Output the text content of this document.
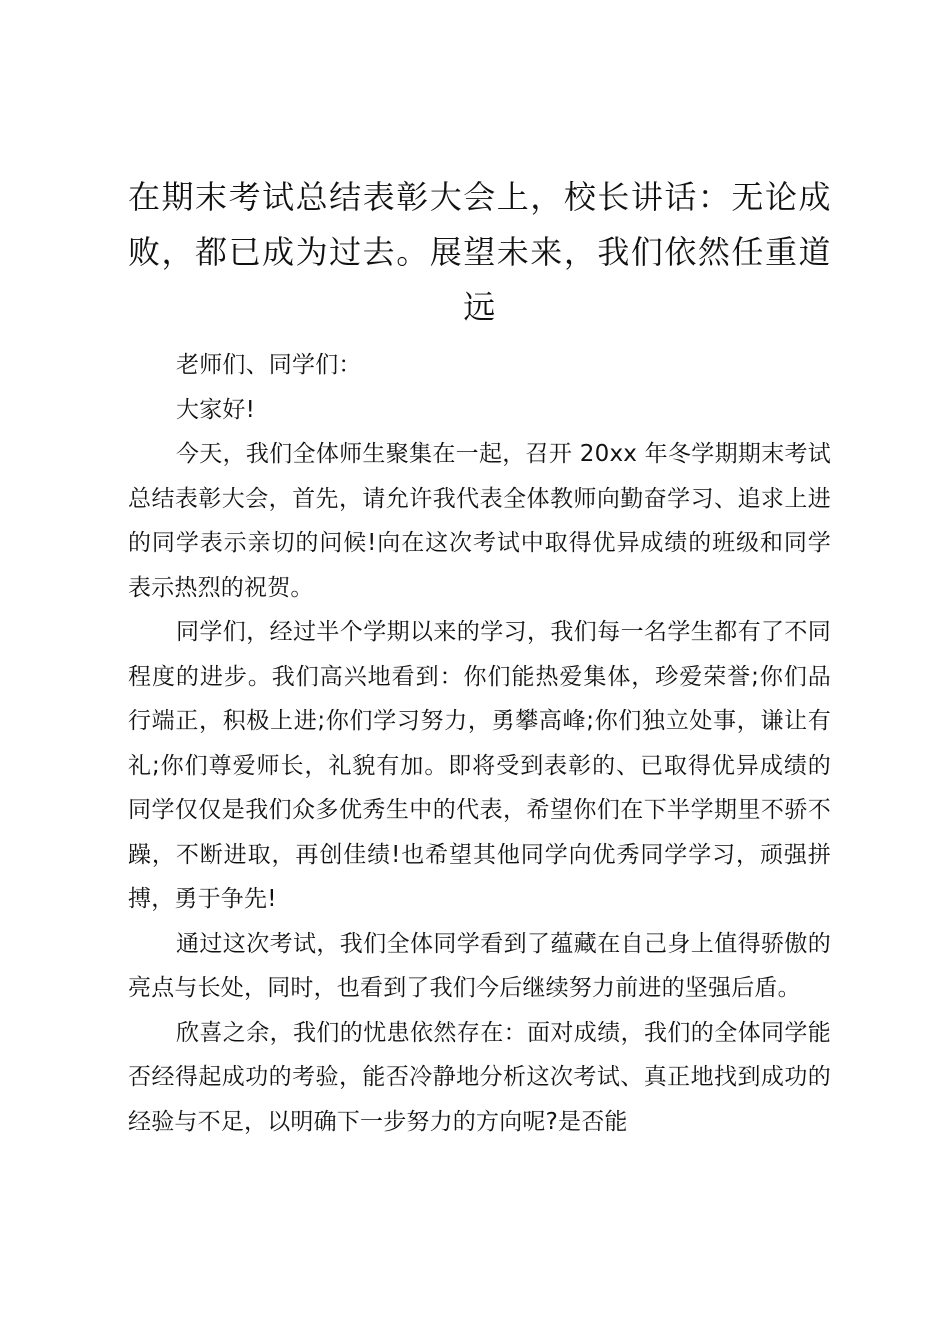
在期末考试总结表彰大会上，校长讲话：无论成败，都已成为过去。展望未来，我们依然任重道远

老师们、同学们：

大家好!

今天，我们全体师生聚集在一起，召开 20xx 年冬学期期末考试总结表彰大会，首先，请允许我代表全体教师向勤奋学习、追求上进的同学表示亲切的问候!向在这次考试中取得优异成绩的班级和同学表示热烈的祝贺。

同学们，经过半个学期以来的学习，我们每一名学生都有了不同程度的进步。我们高兴地看到：你们能热爱集体，珍爱荣誉;你们品行端正，积极上进;你们学习努力，勇攀高峰;你们独立处事，谦让有礼;你们尊爱师长，礼貌有加。即将受到表彰的、已取得优异成绩的同学仅仅是我们众多优秀生中的代表，希望你们在下半学期里不骄不躁，不断进取，再创佳绩!也希望其他同学向优秀同学学习，顽强拼搏，勇于争先!

通过这次考试，我们全体同学看到了蕴藏在自己身上值得骄傲的亮点与长处，同时，也看到了我们今后继续努力前进的坚强后盾。

欣喜之余，我们的忧患依然存在：面对成绩，我们的全体同学能否经得起成功的考验，能否冷静地分析这次考试、真正地找到成功的经验与不足，以明确下一步努力的方向呢?是否能
